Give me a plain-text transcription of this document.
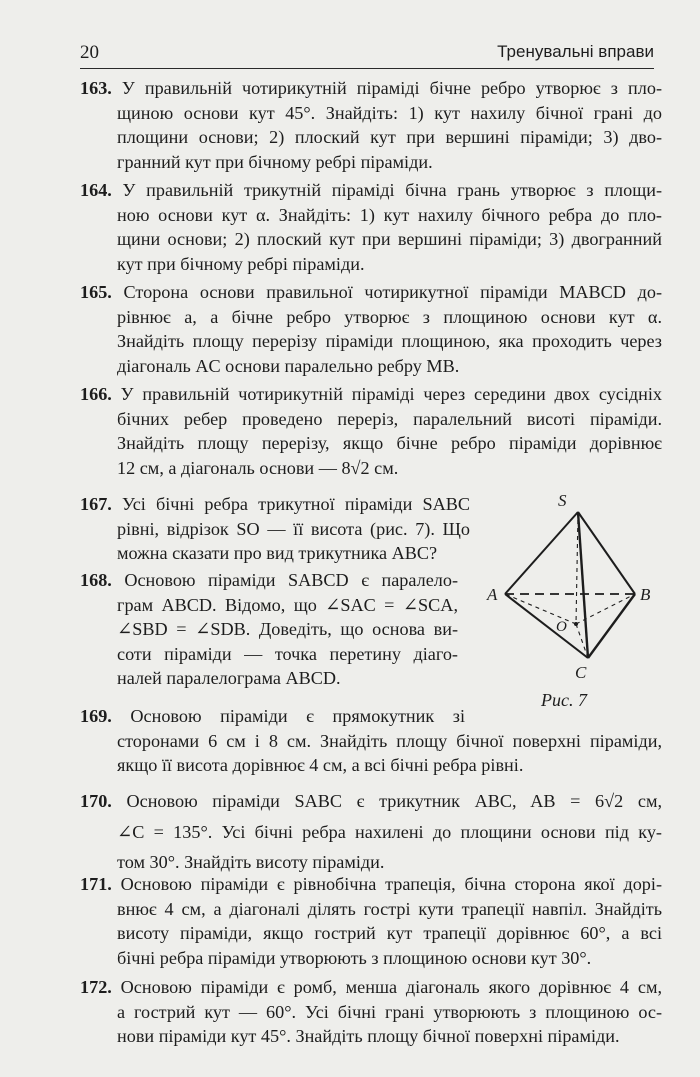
20	Тренувальні вправи
163. У правильній чотирикутній піраміді бічне ребро утворює з пло-
щиною основи кут 45°. Знайдіть: 1) кут нахилу бічної грані до
площини основи; 2) плоский кут при вершині піраміди; 3) дво-
гранний кут при бічному ребрі піраміди.
164. У правильній трикутній піраміді бічна грань утворює з площи-
ною основи кут α. Знайдіть: 1) кут нахилу бічного ребра до пло-
щини основи; 2) плоский кут при вершині піраміди; 3) двогранний
кут при бічному ребрі піраміди.
165. Сторона основи правильної чотирикутної піраміди MABCD до-
рівнює a, а бічне ребро утворює з площиною основи кут α.
Знайдіть площу перерізу піраміди площиною, яка проходить через
діагональ AC основи паралельно ребру MB.
166. У правильній чотирикутній піраміді через середини двох сусідніх
бічних ребер проведено переріз, паралельний висоті піраміди.
Знайдіть площу перерізу, якщо бічне ребро піраміди дорівнює
12 см, а діагональ основи — 8√2 см.
167. Усі бічні ребра трикутної піраміди SABC
рівні, відрізок SO — її висота (рис. 7). Що
можна сказати про вид трикутника ABC?
168. Основою піраміди SABCD є паралело-
грам ABCD. Відомо, що ∠SAC = ∠SCA,
∠SBD = ∠SDB. Доведіть, що основа ви-
соти піраміди — точка перетину діаго-
налей паралелограма ABCD.
169. Основою піраміди є прямокутник зі
сторонами 6 см і 8 см. Знайдіть площу бічної поверхні піраміди,
якщо її висота дорівнює 4 см, а всі бічні ребра рівні.
170. Основою піраміди SABC є трикутник ABC, AB = 6√2 см,
∠C = 135°. Усі бічні ребра нахилені до площини основи під ку-
том 30°. Знайдіть висоту піраміди.
171. Основою піраміди є рівнобічна трапеція, бічна сторона якої дорі-
внює 4 см, а діагоналі ділять гострі кути трапеції навпіл. Знайдіть
висоту піраміди, якщо гострий кут трапеції дорівнює 60°, а всі
бічні ребра піраміди утворюють з площиною основи кут 30°.
172. Основою піраміди є ромб, менша діагональ якого дорівнює 4 см,
а гострий кут — 60°. Усі бічні грані утворюють з площиною ос-
нови піраміди кут 45°. Знайдіть площу бічної поверхні піраміди.
S
A	B
C
O
Рис. 7
